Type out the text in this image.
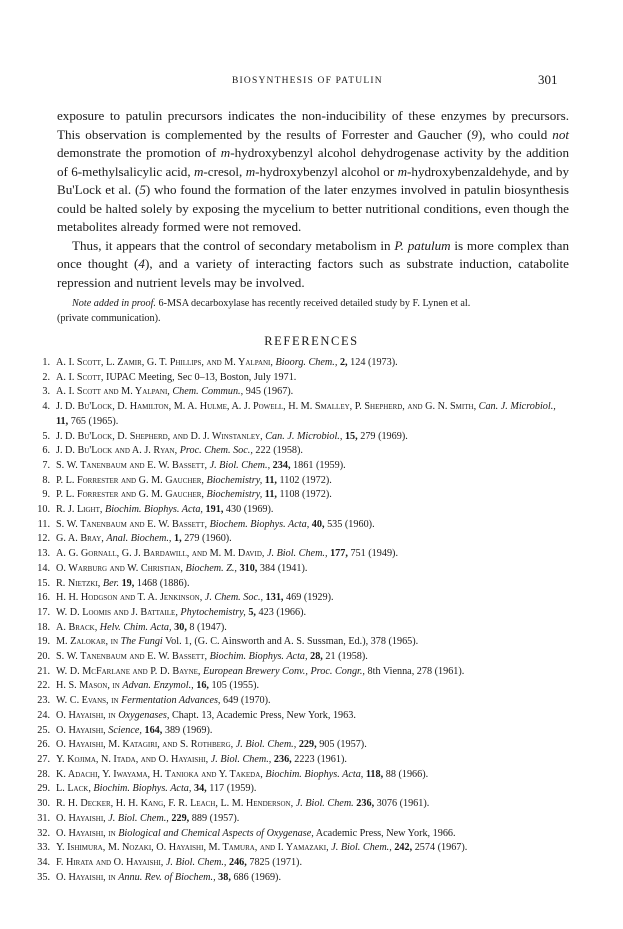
BIOSYNTHESIS OF PATULIN	301

exposure to patulin precursors indicates the non-inducibility of these enzymes by precursors. This observation is complemented by the results of Forrester and Gaucher (9), who could not demonstrate the promotion of m-hydroxybenzyl alcohol dehydrogenase activity by the addition of 6-methylsalicylic acid, m-cresol, m-hydroxybenzyl alcohol or m-hydroxybenzaldehyde, and by Bu'Lock et al. (5) who found the formation of the later enzymes involved in patulin biosynthesis could be halted solely by exposing the mycelium to better nutritional conditions, even though the metabolites already formed were not removed.

Thus, it appears that the control of secondary metabolism in P. patulum is more complex than once thought (4), and a variety of interacting factors such as substrate induction, catabolite repression and nutrient levels may be involved.

Note added in proof. 6-MSA decarboxylase has recently received detailed study by F. Lynen et al.
(private communication).
REFERENCES
1. A. I. Scott, L. Zamir, G. T. Phillips, and M. Yalpani, Bioorg. Chem., 2, 124 (1973).
2. A. I. Scott, IUPAC Meeting, Sec 0–13, Boston, July 1971.
3. A. I. Scott and M. Yalpani, Chem. Commun., 945 (1967).
4. J. D. Bu'Lock, D. Hamilton, M. A. Hulme, A. J. Powell, H. M. Smalley, P. Shepherd, and G. N. Smith, Can. J. Microbiol., 11, 765 (1965).
5. J. D. Bu'Lock, D. Shepherd, and D. J. Winstanley, Can. J. Microbiol., 15, 279 (1969).
6. J. D. Bu'Lock and A. J. Ryan, Proc. Chem. Soc., 222 (1958).
7. S. W. Tanenbaum and E. W. Bassett, J. Biol. Chem., 234, 1861 (1959).
8. P. L. Forrester and G. M. Gaucher, Biochemistry, 11, 1102 (1972).
9. P. L. Forrester and G. M. Gaucher, Biochemistry, 11, 1108 (1972).
10. R. J. Light, Biochim. Biophys. Acta, 191, 430 (1969).
11. S. W. Tanenbaum and E. W. Bassett, Biochem. Biophys. Acta, 40, 535 (1960).
12. G. A. Bray, Anal. Biochem., 1, 279 (1960).
13. A. G. Gornall, G. J. Bardawill, and M. M. David, J. Biol. Chem., 177, 751 (1949).
14. O. Warburg and W. Christian, Biochem. Z., 310, 384 (1941).
15. R. Nietzki, Ber. 19, 1468 (1886).
16. H. H. Hodgson and T. A. Jenkinson, J. Chem. Soc., 131, 469 (1929).
17. W. D. Loomis and J. Battaile, Phytochemistry, 5, 423 (1966).
18. A. Brack, Helv. Chim. Acta, 30, 8 (1947).
19. M. Zalokar, in The Fungi Vol. 1, (G. C. Ainsworth and A. S. Sussman, Ed.), 378 (1965).
20. S. W. Tanenbaum and E. W. Bassett, Biochim. Biophys. Acta, 28, 21 (1958).
21. W. D. McFarlane and P. D. Bayne, European Brewery Conv., Proc. Congr., 8th Vienna, 278 (1961).
22. H. S. Mason, in Advan. Enzymol., 16, 105 (1955).
23. W. C. Evans, in Fermentation Advances, 649 (1970).
24. O. Hayaishi, in Oxygenases, Chapt. 13, Academic Press, New York, 1963.
25. O. Hayaishi, Science, 164, 389 (1969).
26. O. Hayaishi, M. Katagiri, and S. Rothberg, J. Biol. Chem., 229, 905 (1957).
27. Y. Kojima, N. Itada, and O. Hayaishi, J. Biol. Chem., 236, 2223 (1961).
28. K. Adachi, Y. Iwayama, H. Tanioka and Y. Takeda, Biochim. Biophys. Acta, 118, 88 (1966).
29. L. Lack, Biochim. Biophys. Acta, 34, 117 (1959).
30. R. H. Decker, H. H. Kang, F. R. Leach, L. M. Henderson, J. Biol. Chem. 236, 3076 (1961).
31. O. Hayaishi, J. Biol. Chem., 229, 889 (1957).
32. O. Hayaishi, in Biological and Chemical Aspects of Oxygenase, Academic Press, New York, 1966.
33. Y. Ishimura, M. Nozaki, O. Hayaishi, M. Tamura, and I. Yamazaki, J. Biol. Chem., 242, 2574 (1967).
34. F. Hirata and O. Hayaishi, J. Biol. Chem., 246, 7825 (1971).
35. O. Hayaishi, in Annu. Rev. of Biochem., 38, 686 (1969).
